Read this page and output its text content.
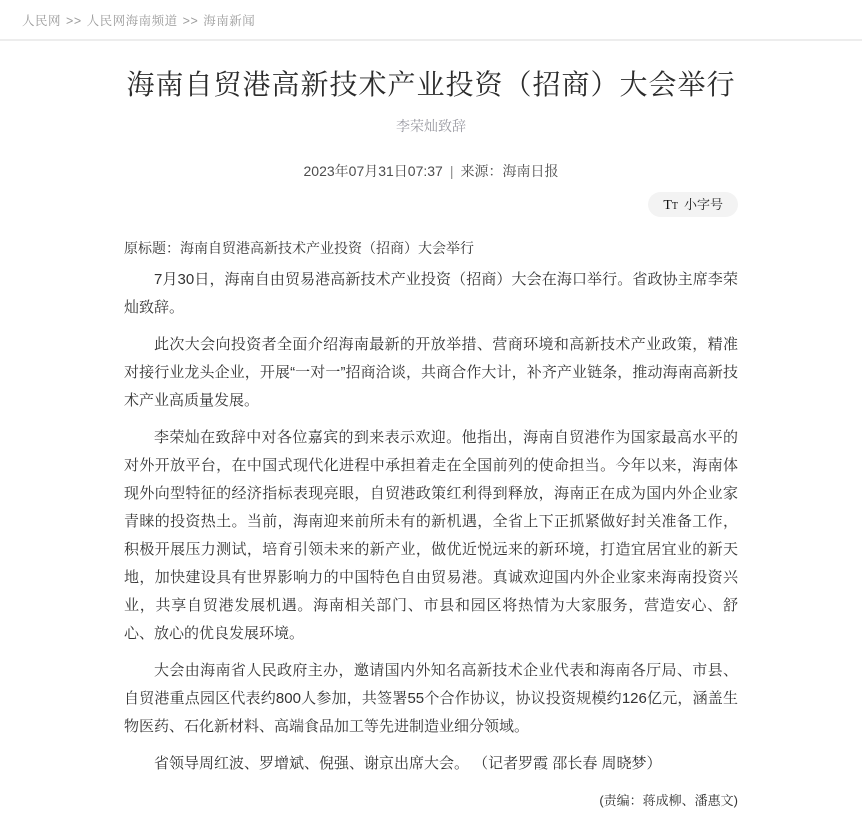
人民网 >> 人民网海南频道 >> 海南新闻
海南自贸港高新技术产业投资（招商）大会举行
李荣灿致辞
2023年07月31日07:37 | 来源：海南日报
TT 小字号
原标题：海南自贸港高新技术产业投资（招商）大会举行

7月30日，海南自由贸易港高新技术产业投资（招商）大会在海口举行。省政协主席李荣灿致辞。

此次大会向投资者全面介绍海南最新的开放举措、营商环境和高新技术产业政策，精准对接行业龙头企业，开展“一对一”招商洽谈，共商合作大计，补齐产业链条，推动海南高新技术产业高质量发展。

李荣灿在致辞中对各位嘉宾的到来表示欢迎。他指出，海南自贸港作为国家最高水平的对外开放平台，在中国式现代化进程中承担着走在全国前列的使命担当。今年以来，海南体现外向型特征的经济指标表现亮眼，自贸港政策红利得到释放，海南正在成为国内外企业家青睐的投资热土。当前，海南迎来前所未有的新机遇，全省上下正抓紧做好封关准备工作，积极开展压力测试，培育引领未来的新产业，做优近悦远来的新环境，打造宜居宜业的新天地，加快建设具有世界影响力的中国特色自由贸易港。真诚欢迎国内外企业家来海南投资兴业，共享自贸港发展机遇。海南相关部门、市县和园区将热情为大家服务，营造安心、舒心、放心的优良发展环境。

大会由海南省人民政府主办，邀请国内外知名高新技术企业代表和海南各厅局、市县、自贸港重点园区代表约800人参加，共签署55个合作协议，协议投资规模约126亿元，涵盖生物医药、石化新材料、高端食品加工等先进制造业细分领域。

省领导周红波、罗增斌、倪强、谢京出席大会。 （记者罗霞 邵长春 周晓梦）

(责编：蒋成柳、潘惠文)
